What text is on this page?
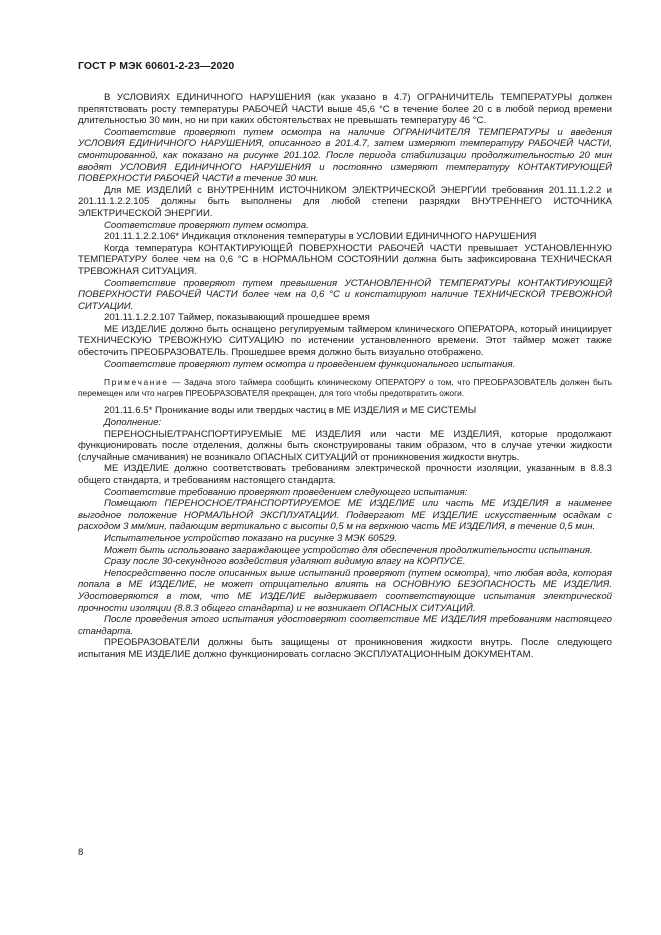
ГОСТ Р МЭК 60601-2-23—2020

В УСЛОВИЯХ ЕДИНИЧНОГО НАРУШЕНИЯ (как указано в 4.7) ОГРАНИЧИТЕЛЬ ТЕМПЕРАТУРЫ должен препятствовать росту температуры РАБОЧЕЙ ЧАСТИ выше 45,6 °С в течение более 20 с в любой период времени длительностью 30 мин, но ни при каких обстоятельствах не превышать температуру 46 °С.

Соответствие проверяют путем осмотра на наличие ОГРАНИЧИТЕЛЯ ТЕМПЕРАТУРЫ и введения УСЛОВИЯ ЕДИНИЧНОГО НАРУШЕНИЯ, описанного в 201.4.7, затем измеряют температуру РАБОЧЕЙ ЧАСТИ, смонтированной, как показано на рисунке 201.102. После периода стабилизации продолжительностью 20 мин вводят УСЛОВИЯ ЕДИНИЧНОГО НАРУШЕНИЯ и постоянно измеряют температуру КОНТАКТИРУЮЩЕЙ ПОВЕРХНОСТИ РАБОЧЕЙ ЧАСТИ в течение 30 мин.

Для МЕ ИЗДЕЛИЙ с ВНУТРЕННИМ ИСТОЧНИКОМ ЭЛЕКТРИЧЕСКОЙ ЭНЕРГИИ требования 201.11.1.2.2 и 201.11.1.2.2.105 должны быть выполнены для любой степени разрядки ВНУТРЕННЕГО ИСТОЧНИКА ЭЛЕКТРИЧЕСКОЙ ЭНЕРГИИ.

Соответствие проверяют путем осмотра.

201.11.1.2.2.106* Индикация отклонения температуры в УСЛОВИИ ЕДИНИЧНОГО НАРУШЕНИЯ

Когда температура КОНТАКТИРУЮЩЕЙ ПОВЕРХНОСТИ РАБОЧЕЙ ЧАСТИ превышает УСТАНОВЛЕННУЮ ТЕМПЕРАТУРУ более чем на 0,6 °С в НОРМАЛЬНОМ СОСТОЯНИИ должна быть зафиксирована ТЕХНИЧЕСКАЯ ТРЕВОЖНАЯ СИТУАЦИЯ.

Соответствие проверяют путем превышения УСТАНОВЛЕННОЙ ТЕМПЕРАТУРЫ КОНТАКТИРУЮЩЕЙ ПОВЕРХНОСТИ РАБОЧЕЙ ЧАСТИ более чем на 0,6 °С и констатируют наличие ТЕХНИЧЕСКОЙ ТРЕВОЖНОЙ СИТУАЦИИ.

201.11.1.2.2.107 Таймер, показывающий прошедшее время

МЕ ИЗДЕЛИЕ должно быть оснащено регулируемым таймером клинического ОПЕРАТОРА, который инициирует ТЕХНИЧЕСКУЮ ТРЕВОЖНУЮ СИТУАЦИЮ по истечении установленного времени. Этот таймер может также обесточить ПРЕОБРАЗОВАТЕЛЬ. Прошедшее время должно быть визуально отображено.

Соответствие проверяют путем осмотра и проведением функционального испытания.

Примечание — Задача этого таймера сообщить клиническому ОПЕРАТОРУ о том, что ПРЕОБРАЗОВАТЕЛЬ должен быть перемещен или что нагрев ПРЕОБРАЗОВАТЕЛЯ прекращен, для того чтобы предотвратить ожоги.

201.11.6.5* Проникание воды или твердых частиц в МЕ ИЗДЕЛИЯ и МЕ СИСТЕМЫ

Дополнение:

ПЕРЕНОСНЫЕ/ТРАНСПОРТИРУЕМЫЕ МЕ ИЗДЕЛИЯ или части МЕ ИЗДЕЛИЯ, которые продолжают функционировать после отделения, должны быть сконструированы таким образом, что в случае утечки жидкости (случайные смачивания) не возникало ОПАСНЫХ СИТУАЦИЙ от проникновения жидкости внутрь.

МЕ ИЗДЕЛИЕ должно соответствовать требованиям электрической прочности изоляции, указанным в 8.8.3 общего стандарта, и требованиям настоящего стандарта.

Соответствие требованию проверяют проведением следующего испытания:

Помещают ПЕРЕНОСНОЕ/ТРАНСПОРТИРУЕМОЕ МЕ ИЗДЕЛИЕ или часть МЕ ИЗДЕЛИЯ в наименее выгодное положение НОРМАЛЬНОЙ ЭКСПЛУАТАЦИИ. Подвергают МЕ ИЗДЕЛИЕ искусственным осадкам с расходом 3 мм/мин, падающим вертикально с высоты 0,5 м на верхнюю часть МЕ ИЗДЕЛИЯ, в течение 0,5 мин.

Испытательное устройство показано на рисунке 3 МЭК 60529.

Может быть использовано заграждающее устройство для обеспечения продолжительности испытания.

Сразу после 30-секундного воздействия удаляют видимую влагу на КОРПУСЕ.

Непосредственно после описанных выше испытаний проверяют (путем осмотра), что любая вода, которая попала в МЕ ИЗДЕЛИЕ, не может отрицательно влиять на ОСНОВНУЮ БЕЗОПАСНОСТЬ МЕ ИЗДЕЛИЯ. Удостоверяются в том, что МЕ ИЗДЕЛИЕ выдерживает соответствующие испытания электрической прочности изоляции (8.8.3 общего стандарта) и не возникает ОПАСНЫХ СИТУАЦИЙ.

После проведения этого испытания удостоверяют соответствие МЕ ИЗДЕЛИЯ требованиям настоящего стандарта.

ПРЕОБРАЗОВАТЕЛИ должны быть защищены от проникновения жидкости внутрь. После следующего испытания МЕ ИЗДЕЛИЕ должно функционировать согласно ЭКСПЛУАТАЦИОННЫМ ДОКУМЕНТАМ.

8
